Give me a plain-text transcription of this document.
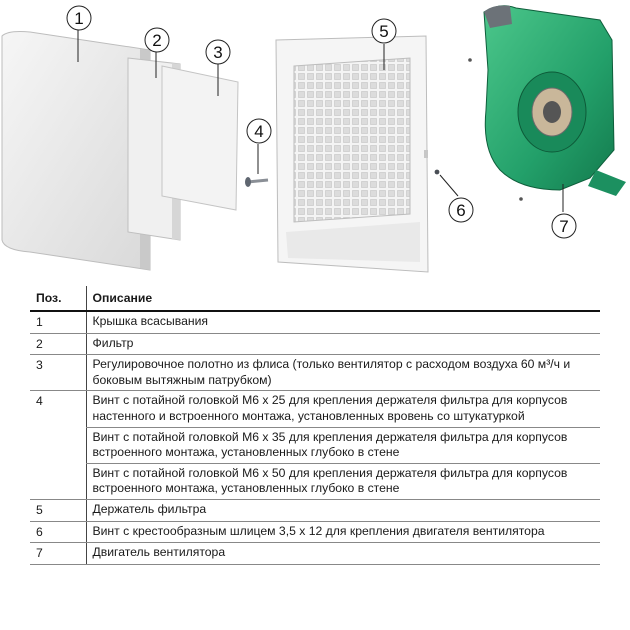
1
2
3
4
5
6
7
Поз.	Описание
1	Крышка всасывания
2	Фильтр
3	Регулировочное полотно из флиса (только вентилятор с расходом воздуха 60 м³/ч и боковым вытяжным патрубком)
4	Винт с потайной головкой M6 x 25 для крепления держателя фильтра для корпусов настенного и встроенного монтажа, установленных вровень со штукатуркой
	Винт с потайной головкой M6 x 35 для крепления держателя фильтра для корпусов встроенного монтажа, установленных глубоко в стене
	Винт с потайной головкой M6 x 50 для крепления держателя фильтра для корпусов встроенного монтажа, установленных глубоко в стене
5	Держатель фильтра
6	Винт с крестообразным шлицем 3,5 x 12 для крепления двигателя вентилятора
7	Двигатель вентилятора
